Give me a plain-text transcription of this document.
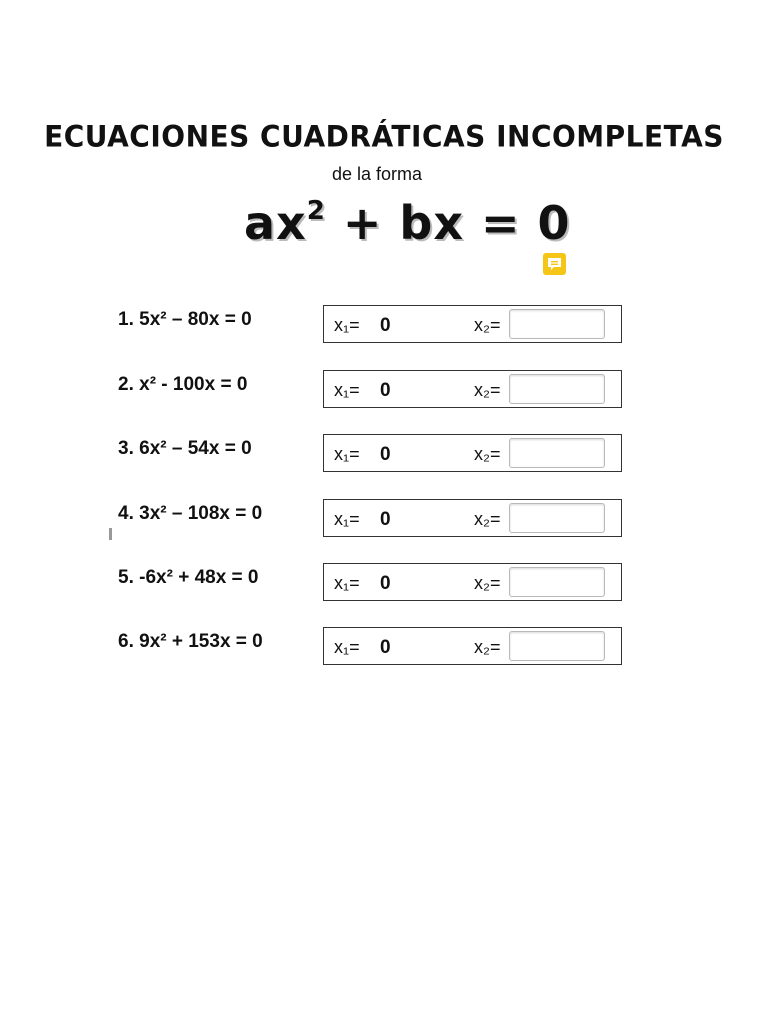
ECUACIONES CUADRÁTICAS INCOMPLETAS
de la forma
$ax^2$ + bx = 0
1. 5x² – 80x = 0	x₁= 0	x₂=
2. x² - 100x = 0	x₁= 0	x₂=
3. 6x² – 54x = 0	x₁= 0	x₂=
4. 3x² – 108x = 0	x₁= 0	x₂=
5. -6x² + 48x = 0	x₁= 0	x₂=
6. 9x² + 153x = 0	x₁= 0	x₂=
